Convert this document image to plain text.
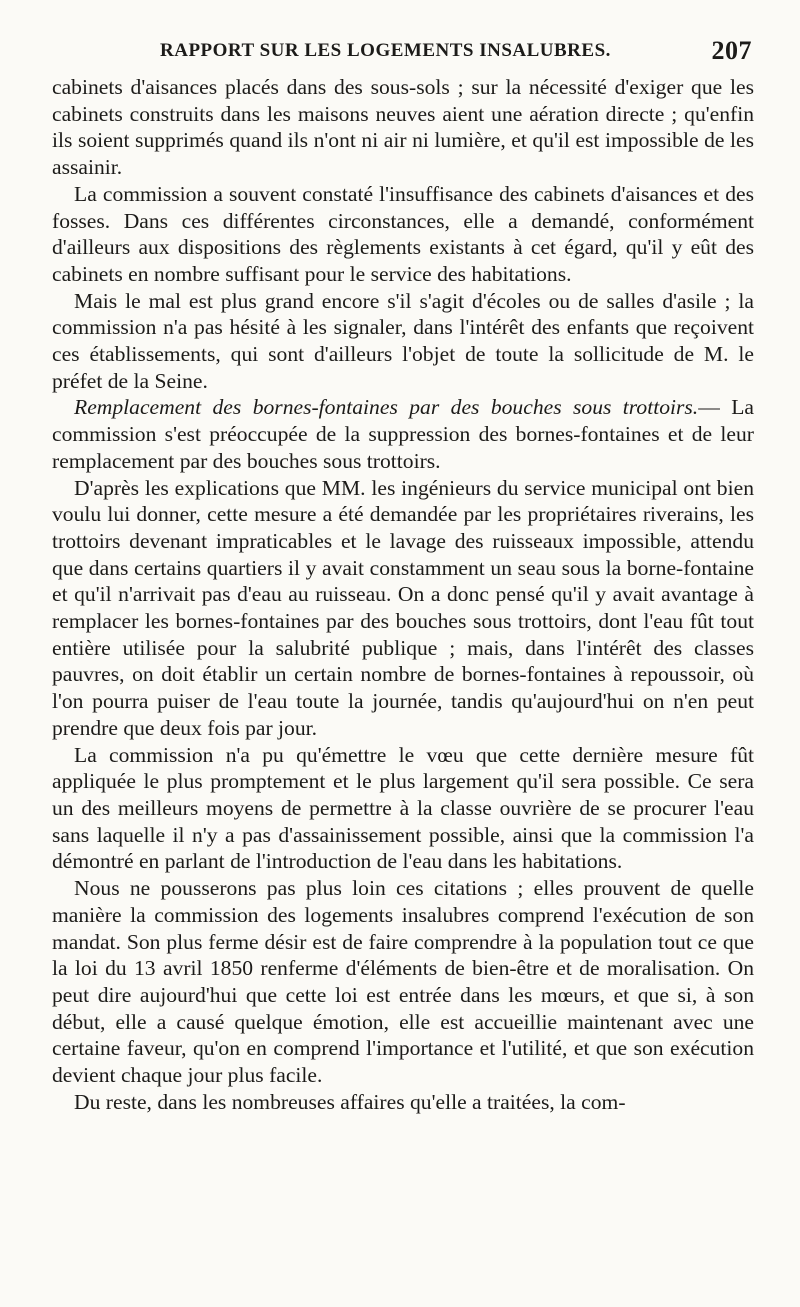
RAPPORT SUR LES LOGEMENTS INSALUBRES.	207

cabinets d'aisances placés dans des sous-sols ; sur la nécessité d'exiger que les cabinets construits dans les maisons neuves aient une aération directe ; qu'enfin ils soient supprimés quand ils n'ont ni air ni lumière, et qu'il est impossible de les assainir.

La commission a souvent constaté l'insuffisance des cabinets d'aisances et des fosses. Dans ces différentes circonstances, elle a demandé, conformément d'ailleurs aux dispositions des règlements existants à cet égard, qu'il y eût des cabinets en nombre suffisant pour le service des habitations.

Mais le mal est plus grand encore s'il s'agit d'écoles ou de salles d'asile ; la commission n'a pas hésité à les signaler, dans l'intérêt des enfants que reçoivent ces établissements, qui sont d'ailleurs l'objet de toute la sollicitude de M. le préfet de la Seine.

Remplacement des bornes-fontaines par des bouches sous trottoirs.— La commission s'est préoccupée de la suppression des bornes-fontaines et de leur remplacement par des bouches sous trottoirs.

D'après les explications que MM. les ingénieurs du service municipal ont bien voulu lui donner, cette mesure a été demandée par les propriétaires riverains, les trottoirs devenant impraticables et le lavage des ruisseaux impossible, attendu que dans certains quartiers il y avait constamment un seau sous la borne-fontaine et qu'il n'arrivait pas d'eau au ruisseau. On a donc pensé qu'il y avait avantage à remplacer les bornes-fontaines par des bouches sous trottoirs, dont l'eau fût tout entière utilisée pour la salubrité publique ; mais, dans l'intérêt des classes pauvres, on doit établir un certain nombre de bornes-fontaines à repoussoir, où l'on pourra puiser de l'eau toute la journée, tandis qu'aujourd'hui on n'en peut prendre que deux fois par jour.

La commission n'a pu qu'émettre le vœu que cette dernière mesure fût appliquée le plus promptement et le plus largement qu'il sera possible. Ce sera un des meilleurs moyens de permettre à la classe ouvrière de se procurer l'eau sans laquelle il n'y a pas d'assainissement possible, ainsi que la commission l'a démontré en parlant de l'introduction de l'eau dans les habitations.

Nous ne pousserons pas plus loin ces citations ; elles prouvent de quelle manière la commission des logements insalubres comprend l'exécution de son mandat. Son plus ferme désir est de faire comprendre à la population tout ce que la loi du 13 avril 1850 renferme d'éléments de bien-être et de moralisation. On peut dire aujourd'hui que cette loi est entrée dans les mœurs, et que si, à son début, elle a causé quelque émotion, elle est accueillie maintenant avec une certaine faveur, qu'on en comprend l'importance et l'utilité, et que son exécution devient chaque jour plus facile.

Du reste, dans les nombreuses affaires qu'elle a traitées, la com-
